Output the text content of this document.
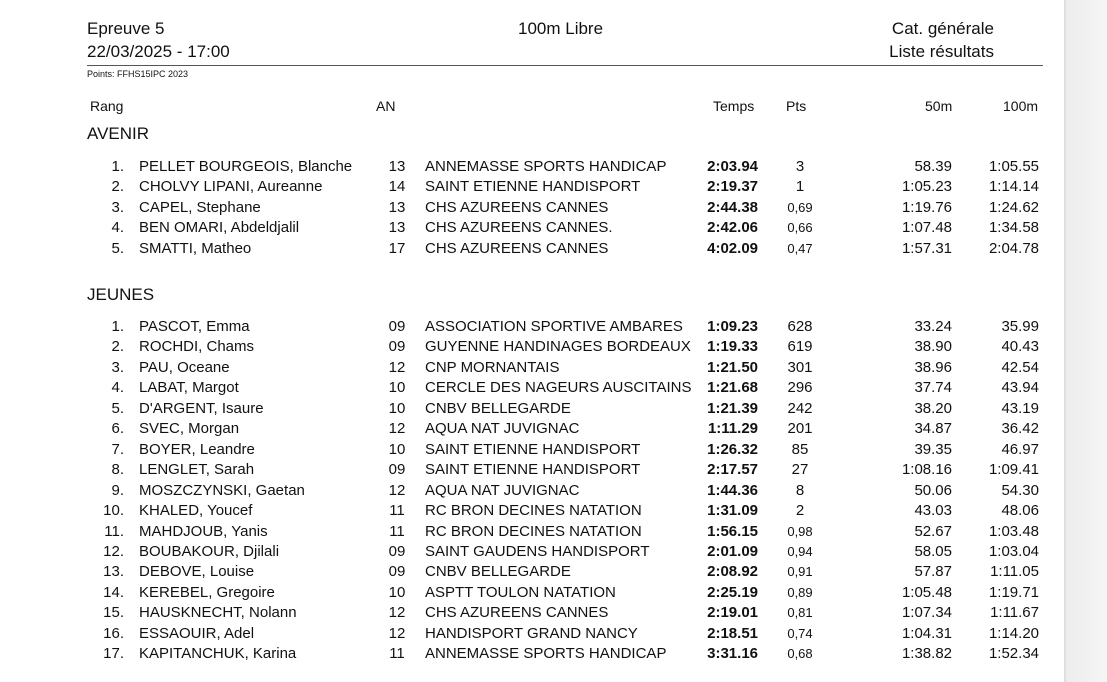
Epreuve 5
22/03/2025 - 17:00
100m Libre	Cat. générale
Liste résultats
Points: FFHS15IPC 2023
Rang	AN	Temps Pts	50m	100m
AVENIR
JEUNES
1. PELLET BOURGEOIS, Blanche	13	ANNEMASSE SPORTS HANDICAP	2:03.94	3	58.39	1:05.55
2. CHOLVY LIPANI, Aureanne	14	SAINT ETIENNE HANDISPORT	2:19.37	1	1:05.23	1:14.14
3. CAPEL, Stephane	13	CHS AZUREENS CANNES	2:44.38	0,69	1:19.76	1:24.62
4. BEN OMARI, Abdeldjalil	13	CHS AZUREENS CANNES.	2:42.06	0,66	1:07.48	1:34.58
5. SMATTI, Matheo	17	CHS AZUREENS CANNES	4:02.09	0,47	1:57.31	2:04.78
1. PASCOT, Emma	09	ASSOCIATION SPORTIVE AMBARES	1:09.23	628	33.24	35.99
2. ROCHDI, Chams	09	GUYENNE HANDINAGES BORDEAUX	1:19.33	619	38.90	40.43
3. PAU, Oceane	12	CNP MORNANTAIS	1:21.50	301	38.96	42.54
4. LABAT, Margot	10	CERCLE DES NAGEURS AUSCITAINS	1:21.68	296	37.74	43.94
5. D'ARGENT, Isaure	10	CNBV BELLEGARDE	1:21.39	242	38.20	43.19
6. SVEC, Morgan	12	AQUA NAT JUVIGNAC	1:11.29	201	34.87	36.42
7. BOYER, Leandre	10	SAINT ETIENNE HANDISPORT	1:26.32	85	39.35	46.97
8. LENGLET, Sarah	09	SAINT ETIENNE HANDISPORT	2:17.57	27	1:08.16	1:09.41
9. MOSZCZYNSKI, Gaetan	12	AQUA NAT JUVIGNAC	1:44.36	8	50.06	54.30
10. KHALED, Youcef	11	RC BRON DECINES NATATION	1:31.09	2	43.03	48.06
11. MAHDJOUB, Yanis	11	RC BRON DECINES NATATION	1:56.15	0,98	52.67	1:03.48
12. BOUBAKOUR, Djilali	09	SAINT GAUDENS HANDISPORT	2:01.09	0,94	58.05	1:03.04
13. DEBOVE, Louise	09	CNBV BELLEGARDE	2:08.92	0,91	57.87	1:11.05
14. KEREBEL, Gregoire	10	ASPTT TOULON NATATION	2:25.19	0,89	1:05.48	1:19.71
15. HAUSKNECHT, Nolann	12	CHS AZUREENS CANNES	2:19.01	0,81	1:07.34	1:11.67
16. ESSAOUIR, Adel	12	HANDISPORT GRAND NANCY	2:18.51	0,74	1:04.31	1:14.20
17. KAPITANCHUK, Karina	11	ANNEMASSE SPORTS HANDICAP	3:31.16	0,68	1:38.82	1:52.34
